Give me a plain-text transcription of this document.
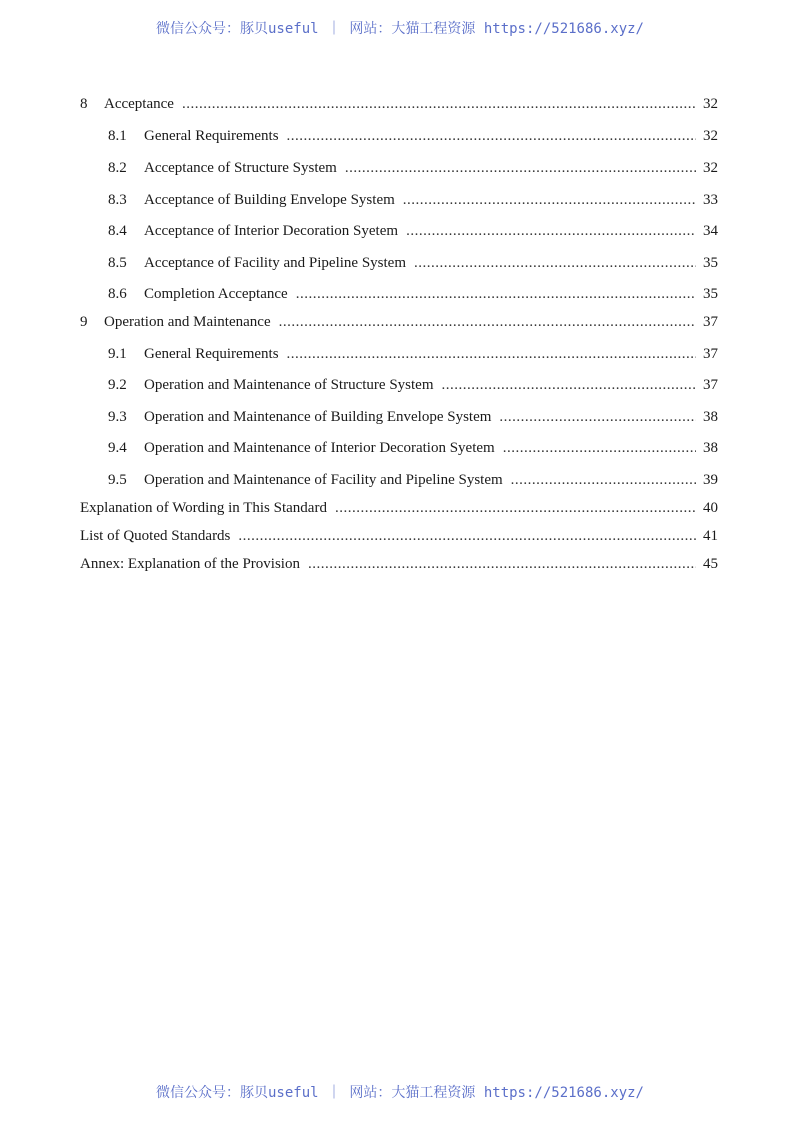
微信公众号：豚贝useful ｜ 网站：大猫工程资源 https://521686.xyz/
8	Acceptance .....	32
8.1	General Requirements .....	32
8.2	Acceptance of Structure System .....	32
8.3	Acceptance of Building Envelope System .....	33
8.4	Acceptance of Interior Decoration Syetem .....	34
8.5	Acceptance of Facility and Pipeline System .....	35
8.6	Completion Acceptance .....	35
9	Operation and Maintenance .....	37
9.1	General Requirements .....	37
9.2	Operation and Maintenance of Structure System .....	37
9.3	Operation and Maintenance of Building Envelope System .....	38
9.4	Operation and Maintenance of Interior Decoration Syetem .....	38
9.5	Operation and Maintenance of Facility and Pipeline System .....	39
Explanation of Wording in This Standard .....	40
List of Quoted Standards .....	41
Annex: Explanation of the Provision .....	45
微信公众号：豚贝useful ｜ 网站：大猫工程资源 https://521686.xyz/
